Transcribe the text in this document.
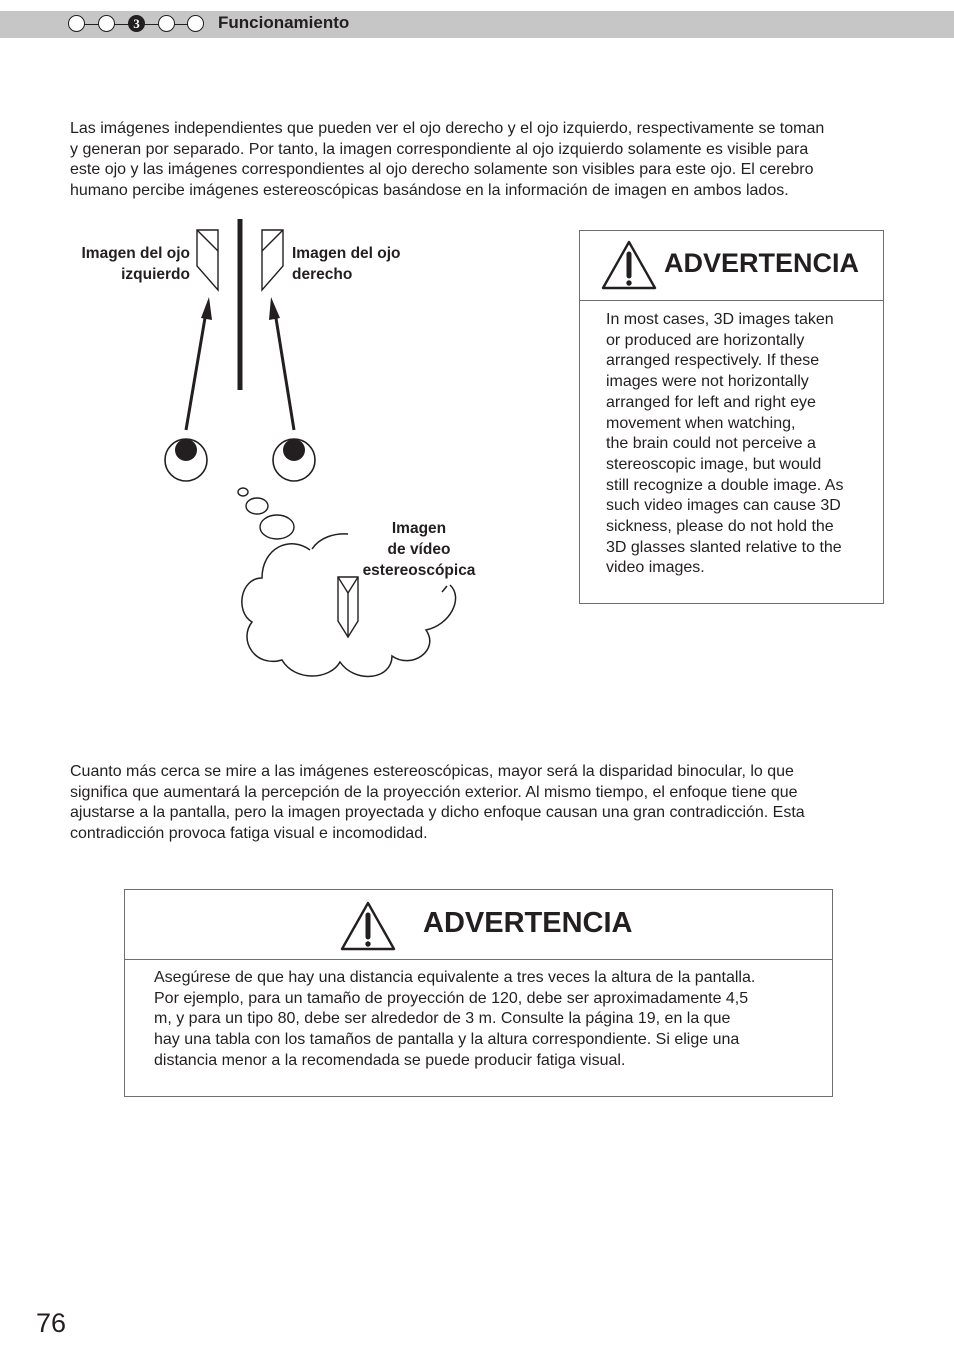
3	Funcionamiento

Las imágenes independientes que pueden ver el ojo derecho y el ojo izquierdo, respectivamente se toman
y generan por separado. Por tanto, la imagen correspondiente al ojo izquierdo solamente es visible para
este ojo y las imágenes correspondientes al ojo derecho solamente son visibles para este ojo. El cerebro
humano percibe imágenes estereoscópicas basándose en la información de imagen en ambos lados.

Imagen del ojo
izquierdo
Imagen del ojo
derecho
Imagen
de vídeo
estereoscópica
ADVERTENCIA

In most cases, 3D images taken
or produced are horizontally
arranged respectively. If these
images were not horizontally
arranged for left and right eye
movement when watching,
the brain could not perceive a
stereoscopic image, but would
still recognize a double image. As
such video images can cause 3D
sickness, please do not hold the
3D glasses slanted relative to the
video images.

Cuanto más cerca se mire a las imágenes estereoscópicas, mayor será la disparidad binocular, lo que
significa que aumentará la percepción de la proyección exterior. Al mismo tiempo, el enfoque tiene que
ajustarse a la pantalla, pero la imagen proyectada y dicho enfoque causan una gran contradicción. Esta
contradicción provoca fatiga visual e incomodidad.

ADVERTENCIA

Asegúrese de que hay una distancia equivalente a tres veces la altura de la pantalla.
Por ejemplo, para un tamaño de proyección de 120, debe ser aproximadamente 4,5
m, y para un tipo 80, debe ser alrededor de 3 m. Consulte la página 19, en la que
hay una tabla con los tamaños de pantalla y la altura correspondiente. Si elige una
distancia menor a la recomendada se puede producir fatiga visual.

76
